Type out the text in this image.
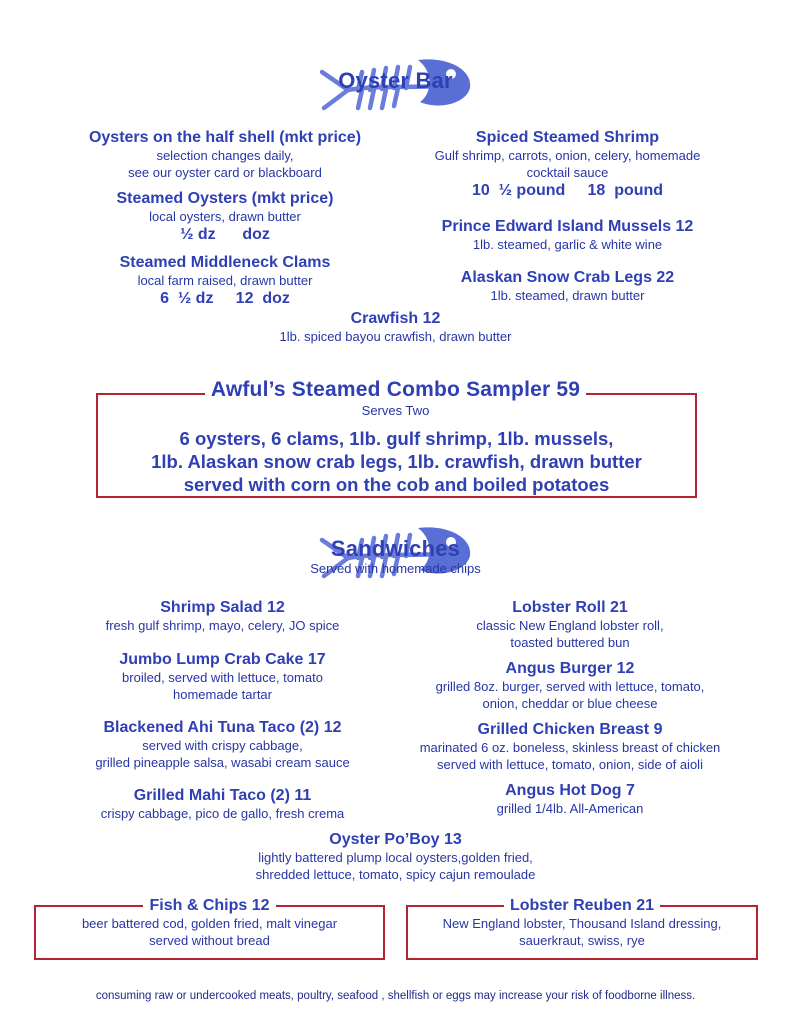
Oyster Bar
Oysters on the half shell (mkt price)
selection changes daily,
see our oyster card or blackboard
Steamed Oysters (mkt price)
local oysters, drawn butter
½ dz      doz
Steamed Middleneck Clams
local farm raised, drawn butter
6  ½ dz     12  doz
Spiced Steamed Shrimp
Gulf shrimp, carrots, onion, celery, homemade
cocktail sauce
10  ½ pound     18  pound
Prince Edward Island Mussels 12
1lb. steamed, garlic & white wine
Alaskan Snow Crab Legs 22
1lb. steamed, drawn butter
Crawfish 12
1lb. spiced bayou crawfish, drawn butter
Awful’s Steamed Combo Sampler 59
Serves Two
6 oysters, 6 clams, 1lb. gulf shrimp, 1lb. mussels,
1lb. Alaskan snow crab legs, 1lb. crawfish, drawn butter
served with corn on the cob and boiled potatoes
Sandwiches
Served with homemade chips
Shrimp Salad 12
fresh gulf shrimp, mayo, celery, JO spice
Jumbo Lump Crab Cake 17
broiled, served with lettuce, tomato
homemade tartar
Blackened Ahi Tuna Taco (2) 12
served with crispy cabbage,
grilled pineapple salsa, wasabi cream sauce
Grilled Mahi Taco (2) 11
crispy cabbage, pico de gallo, fresh crema
Lobster Roll 21
classic New England lobster roll,
toasted buttered bun
Angus Burger 12
grilled 8oz. burger, served with lettuce, tomato,
onion, cheddar or blue cheese
Grilled Chicken Breast 9
marinated 6 oz. boneless, skinless breast of chicken
served with lettuce, tomato, onion, side of aioli
Angus Hot Dog 7
grilled 1/4lb. All-American
Oyster Po’Boy 13
lightly battered plump local oysters,golden fried,
shredded lettuce, tomato, spicy cajun remoulade
Fish & Chips 12
beer battered cod, golden fried, malt vinegar
served without bread
Lobster Reuben 21
New England lobster, Thousand Island dressing,
sauerkraut, swiss, rye
consuming raw or undercooked meats, poultry, seafood , shellfish or eggs may increase your risk of foodborne illness.
